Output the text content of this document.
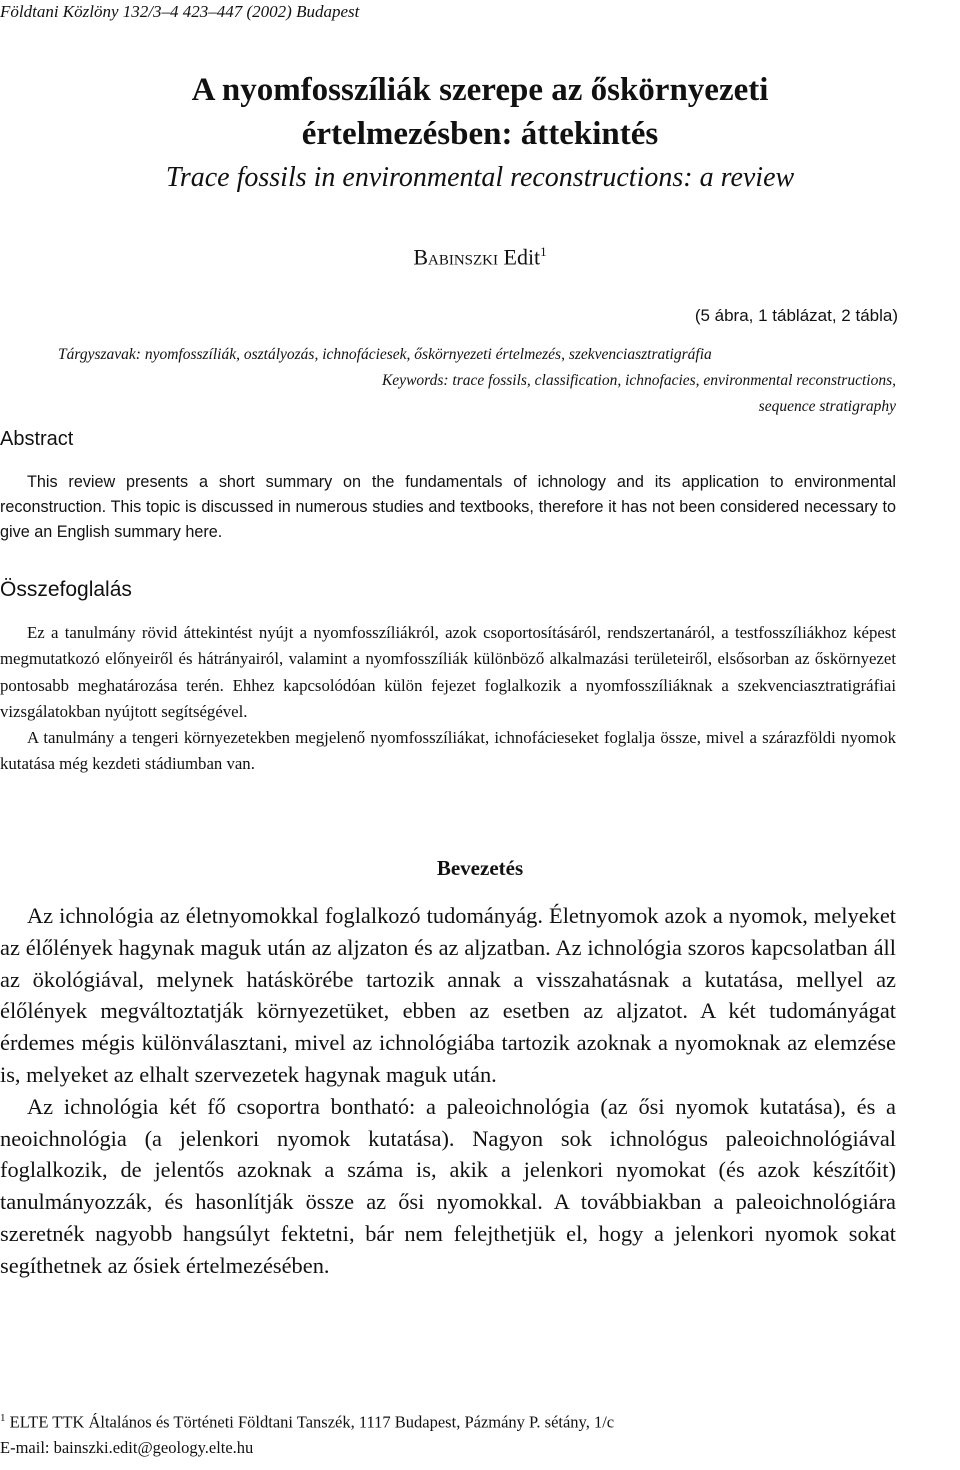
Földtani Közlöny 132/3–4 423–447 (2002) Budapest
A nyomfosszíliák szerepe az őskörnyezeti
értelmezésben: áttekintés
Trace fossils in environmental reconstructions: a review
Babinszki Edit$^1$
(5 ábra, 1 táblázat, 2 tábla)
Tárgyszavak: nyomfosszíliák, osztályozás, ichnofáciesek, őskörnyezeti értelmezés, szekvenciasztratigráfia
Keywords: trace fossils, classification, ichnofacies, environmental reconstructions,
sequence stratigraphy
Abstract
This review presents a short summary on the fundamentals of ichnology and its application to environmental reconstruction. This topic is discussed in numerous studies and textbooks, therefore it has not been considered necessary to give an English summary here.
Összefoglalás

Ez a tanulmány rövid áttekintést nyújt a nyomfosszíliákról, azok csoportosításáról, rendszertanáról, a testfosszíliákhoz képest megmutatkozó előnyeiről és hátrányairól, valamint a nyomfosszíliák különböző alkalmazási területeiről, elsősorban az őskörnyezet pontosabb meghatározása terén. Ehhez kapcsolódóan külön fejezet foglalkozik a nyomfosszíliáknak a szekvenciasztratigráfiai vizsgálatokban nyújtott segítségével.

A tanulmány a tengeri környezetekben megjelenő nyomfosszíliákat, ichnofácieseket foglalja össze, mivel a szárazföldi nyomok kutatása még kezdeti stádiumban van.

Bevezetés

Az ichnológia az életnyomokkal foglalkozó tudományág. Életnyomok azok a nyomok, melyeket az élőlények hagynak maguk után az aljzaton és az aljzatban. Az ichnológia szoros kapcsolatban áll az ökológiával, melynek hatáskörébe tartozik annak a visszahatásnak a kutatása, mellyel az élőlények megváltoztatják környezetüket, ebben az esetben az aljzatot. A két tudományágat érdemes mégis különválasztani, mivel az ichnológiába tartozik azoknak a nyomoknak az elemzése is, melyeket az elhalt szervezetek hagynak maguk után.

Az ichnológia két fő csoportra bontható: a paleoichnológia (az ősi nyomok kutatása), és a neoichnológia (a jelenkori nyomok kutatása). Nagyon sok ichnológus paleoichnológiával foglalkozik, de jelentős azoknak a száma is, akik a jelenkori nyomokat (és azok készítőit) tanulmányozzák, és hasonlítják össze az ősi nyomokkal. A továbbiakban a paleoichnológiára szeretnék nagyobb hangsúlyt fektetni, bár nem felejthetjük el, hogy a jelenkori nyomok sokat segíthetnek az ősiek értelmezésében.

$^1$ ELTE TTK Általános és Történeti Földtani Tanszék, 1117 Budapest, Pázmány P. sétány, 1/c
E-mail: bainszki.edit@geology.elte.hu
